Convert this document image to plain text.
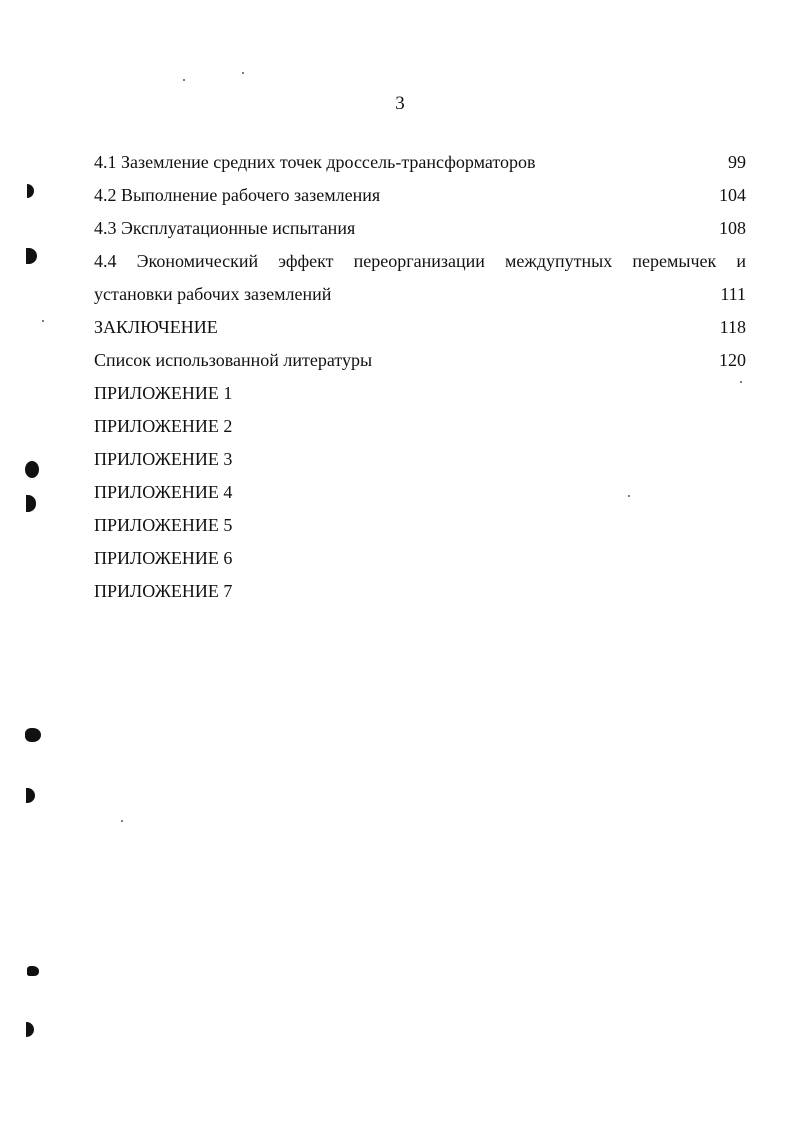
3
4.1 Заземление средних точек дроссель-трансформаторов	99
4.2 Выполнение рабочего заземления	104
4.3 Эксплуатационные испытания	108
4.4 Экономический эффект переорганизации междупутных перемычек и
установки рабочих заземлений	111
ЗАКЛЮЧЕНИЕ	118
Список использованной литературы	120
ПРИЛОЖЕНИЕ 1
ПРИЛОЖЕНИЕ 2
ПРИЛОЖЕНИЕ 3
ПРИЛОЖЕНИЕ 4
ПРИЛОЖЕНИЕ 5
ПРИЛОЖЕНИЕ 6
ПРИЛОЖЕНИЕ 7
